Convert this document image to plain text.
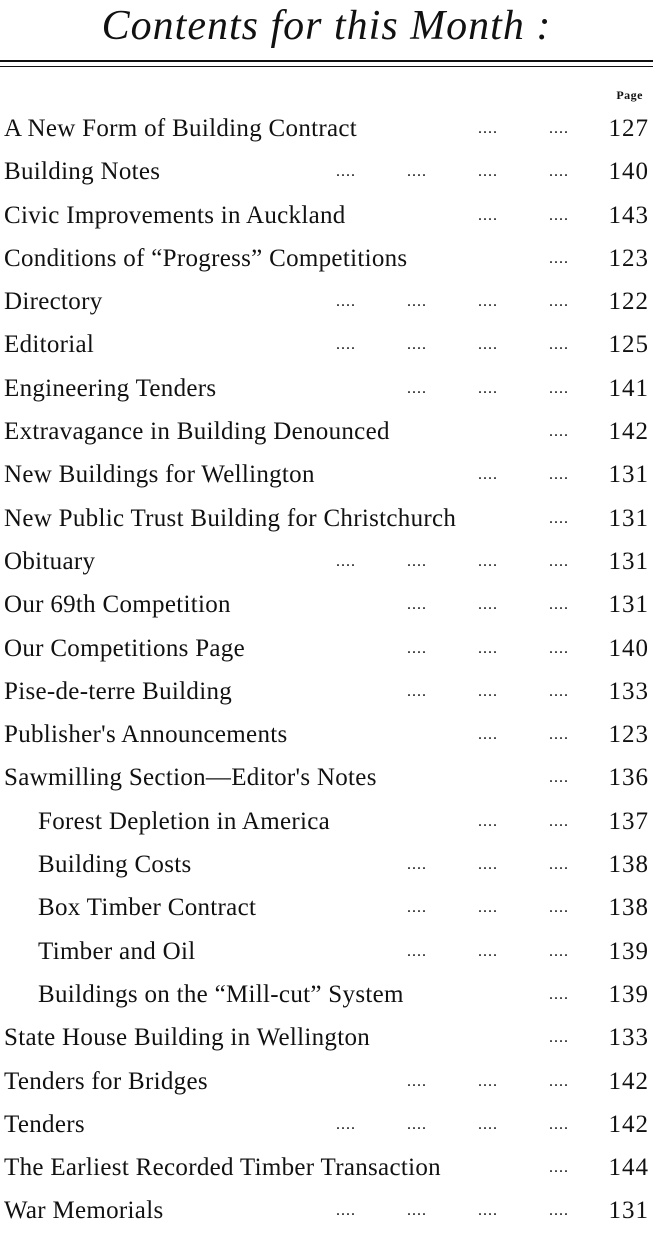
Contents for this Month :
Page
A New Form of Building Contract	127
....   ....
Building Notes	140
....   ....   ....   ....
Civic Improvements in Auckland	143
....   ....
Conditions of “Progress” Competitions	123
....
Directory	122
....   ....   ....   ....
Editorial	125
....   ....   ....   ....
Engineering Tenders	141
....   ....   ....
Extravagance in Building Denounced	142
....
New Buildings for Wellington	131
....   ....
New Public Trust Building for Christchurch	131
....
Obituary	131
....   ....   ....   ....
Our 69th Competition	131
....   ....   ....
Our Competitions Page	140
....   ....   ....
Pise-de-terre Building	133
....   ....   ....
Publisher's Announcements	123
....   ....
Sawmilling Section—Editor's Notes	136
....
Forest Depletion in America	137
....   ....
Building Costs	138
....   ....   ....
Box Timber Contract	138
....   ....   ....
Timber and Oil	139
....   ....   ....
Buildings on the “Mill-cut” System	139
....
State House Building in Wellington	133
....
Tenders for Bridges	142
....   ....   ....
Tenders	142
....   ....   ....   ....
The Earliest Recorded Timber Transaction	144
....
War Memorials	131
....   ....   ....   ....
